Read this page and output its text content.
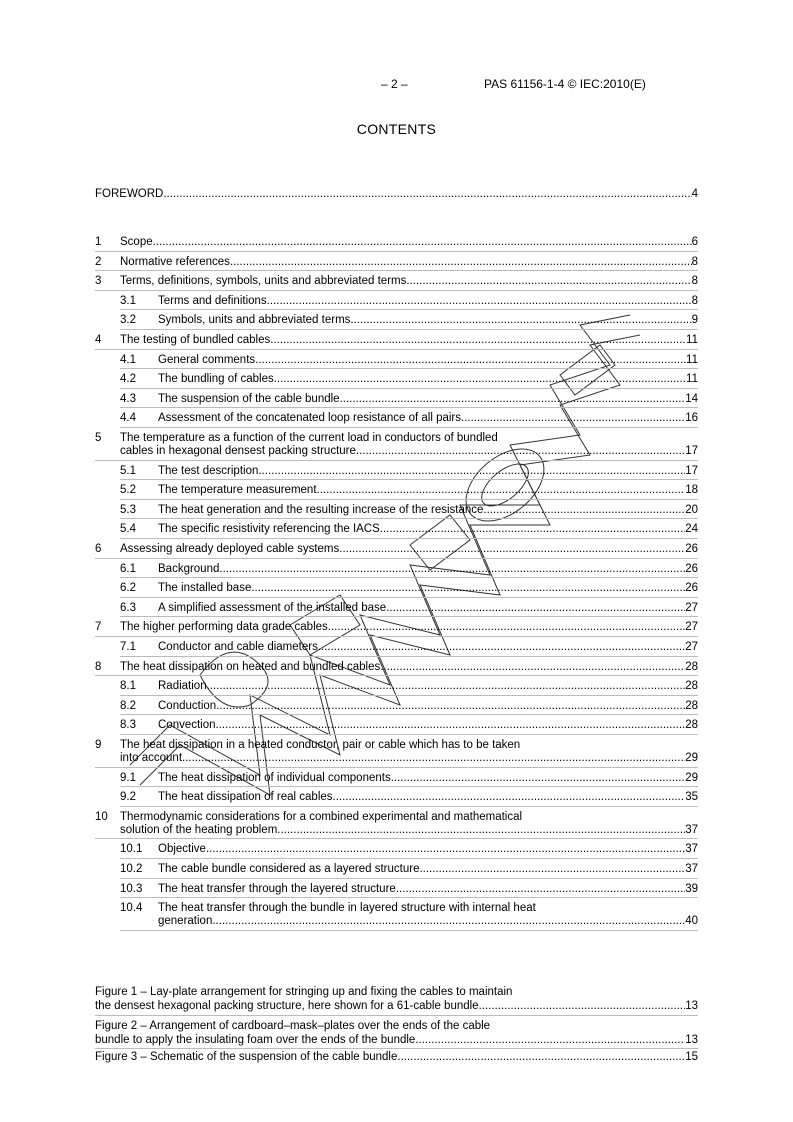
– 2 –	PAS 61156-1-4 © IEC:2010(E)
CONTENTS
FOREWORD .....	4
1 Scope .....	6
2 Normative references .....	8
3 Terms, definitions, symbols, units and abbreviated terms .....	8
3.1 Terms and definitions .....	8
3.2 Symbols, units and abbreviated terms .....	9
4 The testing of bundled cables .....	11
4.1 General comments .....	11
4.2 The bundling of cables .....	11
4.3 The suspension of the cable bundle .....	14
4.4 Assessment of the concatenated loop resistance of all pairs .....	16
5 The temperature as a function of the current load in conductors of bundled
cables in hexagonal densest packing structure .....	17
5.1 The test description .....	17
5.2 The temperature measurement .....	18
5.3 The heat generation and the resulting increase of the resistance .....	20
5.4 The specific resistivity referencing the IACS .....	24
6 Assessing already deployed cable systems .....	26
6.1 Background .....	26
6.2 The installed base .....	26
6.3 A simplified assessment of the installed base .....	27
7 The higher performing data grade cables .....	27
7.1 Conductor and cable diameters .....	27
8 The heat dissipation on heated and bundled cables .....	28
8.1 Radiation .....	28
8.2 Conduction .....	28
8.3 Convection .....	28
9 The heat dissipation in a heated conductor, pair or cable which has to be taken
into account .....	29
9.1 The heat dissipation of individual components .....	29
9.2 The heat dissipation of real cables .....	35
10 Thermodynamic considerations for a combined experimental and mathematical
solution of the heating problem .....	37
10.1 Objective .....	37
10.2 The cable bundle considered as a layered structure .....	37
10.3 The heat transfer through the layered structure .....	39
10.4 The heat transfer through the bundle in layered structure with internal heat
generation .....	40
Figure 1 – Lay-plate arrangement for stringing up and fixing the cables to maintain
the densest hexagonal packing structure, here shown for a 61-cable bundle .....	13
Figure 2 – Arrangement of cardboard–mask–plates over the ends of the cable
bundle to apply the insulating foam over the ends of the bundle .....	13
Figure 3 – Schematic of the suspension of the cable bundle .....	15
